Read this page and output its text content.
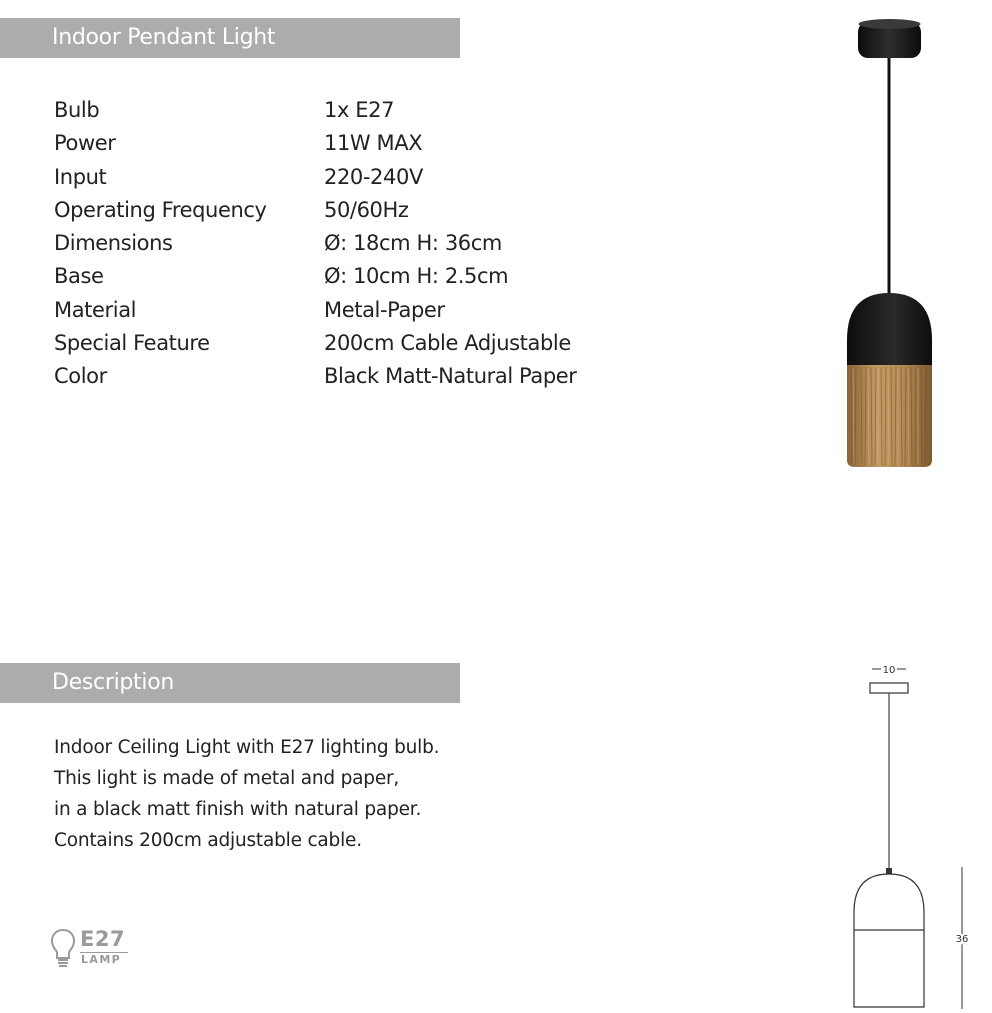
Indoor Pendant Light
Bulb	1x E27
Power	11W MAX
Input	220-240V
Operating Frequency	50/60Hz
Dimensions	Ø: 18cm H: 36cm
Base	Ø: 10cm H: 2.5cm
Material	Metal-Paper
Special Feature	200cm Cable Adjustable
Color	Black Matt-Natural Paper
Description
Indoor Ceiling Light with E27 lighting bulb.
This light is made of metal and paper,
in a black matt finish with natural paper.
Contains 200cm adjustable cable.
E27
LAMP
10
36
